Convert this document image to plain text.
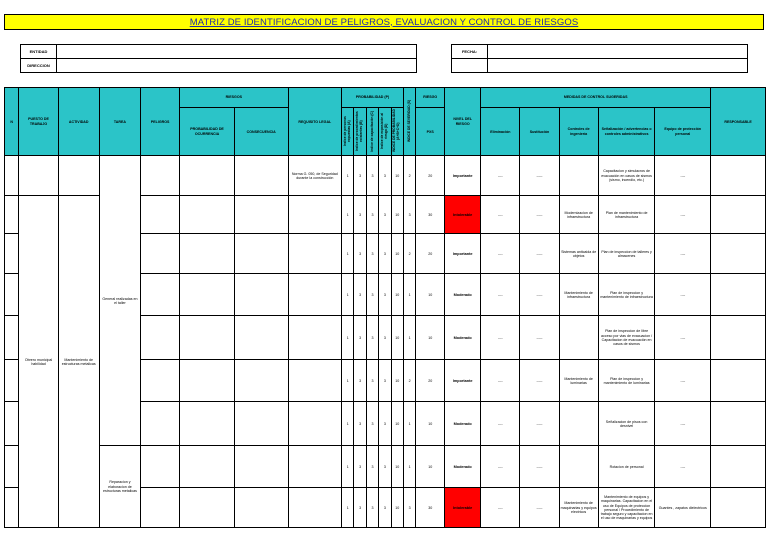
MATRIZ DE IDENTIFICACION DE PELIGROS, EVALUACION Y CONTROL DE RIESGOS
ENTIDAD	
DIRECCION	
FECHA:	

N	PUESTO DE TRABAJO	ACTIVIDAD	TAREA	PELIGROS	RIESGOS		REQUISITO LEGAL	PROBABILIDAD (P)					INDICE DE SEVERIDAD (S)	RIESGO	NIVEL DEL RIESGO	MEDIDAS DE CONTROL SUGERIDAS					RESPONSABLE
					PROBABILIDAD DE OCURRENCIA	CONSECUENCIA		Indice de personas expuestas (A)	Indice de procedimientos existentes (B)	Indice de capacitación (C)	Indice de exposición al riesgo (D)	INDICE DE PROBABILIDAD (A+B+C+D)		PXS		Eliminación	Sustitución	Controles de ingeniería	Señalización / advertencias o controles administrativos	Equipo de protección personal	

			General realizadas en el taller				Norma G. 050, de Seguridad durante la construcción	1	3	3	3	10	2	20	Importante	----	-----		Capacitacion y simulacros de evacuación en casos de sismos (sismo, incendio, etc.)	----	
	Obrero municipal habilidad	Mantenimiento de estructuras metalicas						1	3	3	3	10	3	30	Intolerable	----	-----	Modernizacion de infraestructura	Plan de mantenimiento de infraestructura	----	
								1	3	3	3	10	2	20	Importante	----	-----	Sistemas anticaida de objetos	Plan de inspeccion de talleres y almacenes	----	
								1	3	3	3	10	1	10	Moderado	----	-----	Mantenimiento de infraestructura	Plan de inspeccion y mantenimiento de infraestructura	----	
								1	3	3	3	10	1	10	Moderado	----	-----		Plan de inspeccion de libre acceso por vias de evacuacion / Capacitacion de evacuación en casos de sismos	----	
								1	3	3	3	10	2	20	Importante	----	-----	Mantenimiento de luminarias	Plan de inspeccion y mantenimiento de luminarias	----	
								1	3	3	3	10	1	10	Moderado	----	-----		Señalizacion de pisos con desnivel	----	
			Reparacion y elaboracion de estructuras metalicas					1	3	3	3	10	1	10	Moderado	----	-----		Rotacion de personal	----	
								1	3	3	3	10	3	30	Intolerable	----	-----	Mantenimiento de maquinarias y equipos electricos	Mantenimiento de equipos y maquinarias. Capacitacion en el uso de Equipos de proteccion personal / Procedimiento de trabajo seguro y capacitacion en el uso de maquinarias y equipos	Guantes , zapatos dielectricos	
